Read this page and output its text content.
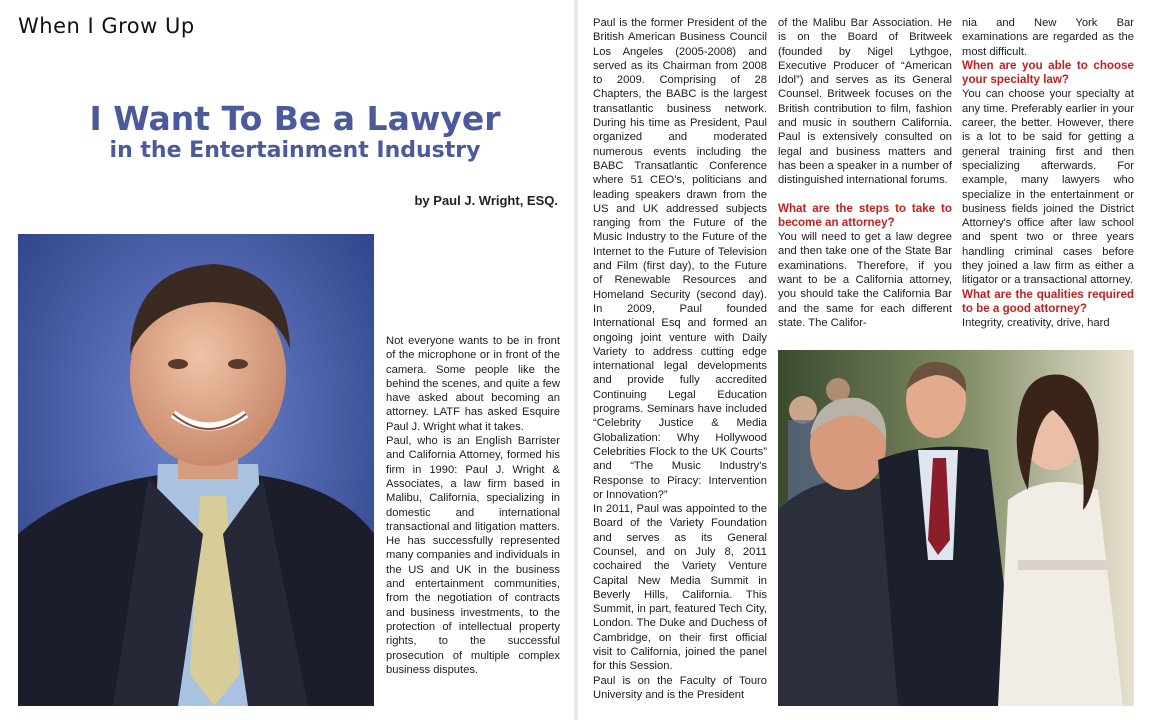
When I Grow Up
I Want To Be a Lawyer
in the Entertainment Industry
by Paul J. Wright, ESQ.

Not everyone wants to be in front of the microphone or in front of the camera. Some people like the behind the scenes, and quite a few have asked about becoming an attorney. LATF has asked Esquire Paul J. Wright what it takes.

Paul, who is an English Barrister and California Attorney, formed his firm in 1990: Paul J. Wright & Associates, a law firm based in Malibu, California, specializing in domestic and international transactional and litigation matters. He has successfully represented many companies and individuals in the US and UK in the business and entertainment communities, from the negotiation of contracts and business investments, to the protection of intellectual property rights, to the successful prosecution of multiple complex business disputes.

Paul is the former President of the British American Business Council Los Angeles (2005-2008) and served as its Chairman from 2008 to 2009. Comprising of 28 Chapters, the BABC is the largest transatlantic business network. During his time as President, Paul organized and moderated numerous events including the BABC Transatlantic Conference where 51 CEO's, politicians and leading speakers drawn from the US and UK addressed subjects ranging from the Future of the Music Industry to the Future of the Internet to the Future of Television and Film (first day), to the Future of Renewable Resources and Homeland Security (second day). In 2009, Paul founded International Esq and formed an ongoing joint venture with Daily Variety to address cutting edge international legal developments and provide fully accredited Continuing Legal Education programs. Seminars have included “Celebrity Justice & Media Globalization: Why Hollywood Celebrities Flock to the UK Courts” and “The Music Industry's Response to Piracy: Intervention or Innovation?”

In 2011, Paul was appointed to the Board of the Variety Foundation and serves as its General Counsel, and on July 8, 2011 cochaired the Variety Venture Capital New Media Summit in Beverly Hills, California. This Summit, in part, featured Tech City, London. The Duke and Duchess of Cambridge, on their first official visit to California, joined the panel for this Session.

Paul is on the Faculty of Touro University and is the President

of the Malibu Bar Association. He is on the Board of Britweek (founded by Nigel Lythgoe, Executive Producer of “American Idol”) and serves as its General Counsel. Britweek focuses on the British contribution to film, fashion and music in southern California. Paul is extensively consulted on legal and business matters and has been a speaker in a number of distinguished international forums.

What are the steps to take to become an attorney?

You will need to get a law degree and then take one of the State Bar examinations. Therefore, if you want to be a California attorney, you should take the California Bar and the same for each different state. The Califor-

nia and New York Bar examinations are regarded as the most difficult.

When are you able to choose your specialty law?

You can choose your specialty at any time. Preferably earlier in your career, the better. However, there is a lot to be said for getting a general training first and then specializing afterwards. For example, many lawyers who specialize in the entertainment or business fields joined the District Attorney's office after law school and spent two or three years handling criminal cases before they joined a law firm as either a litigator or a transactional attorney.

What are the qualities required to be a good attorney?

Integrity, creativity, drive, hard
